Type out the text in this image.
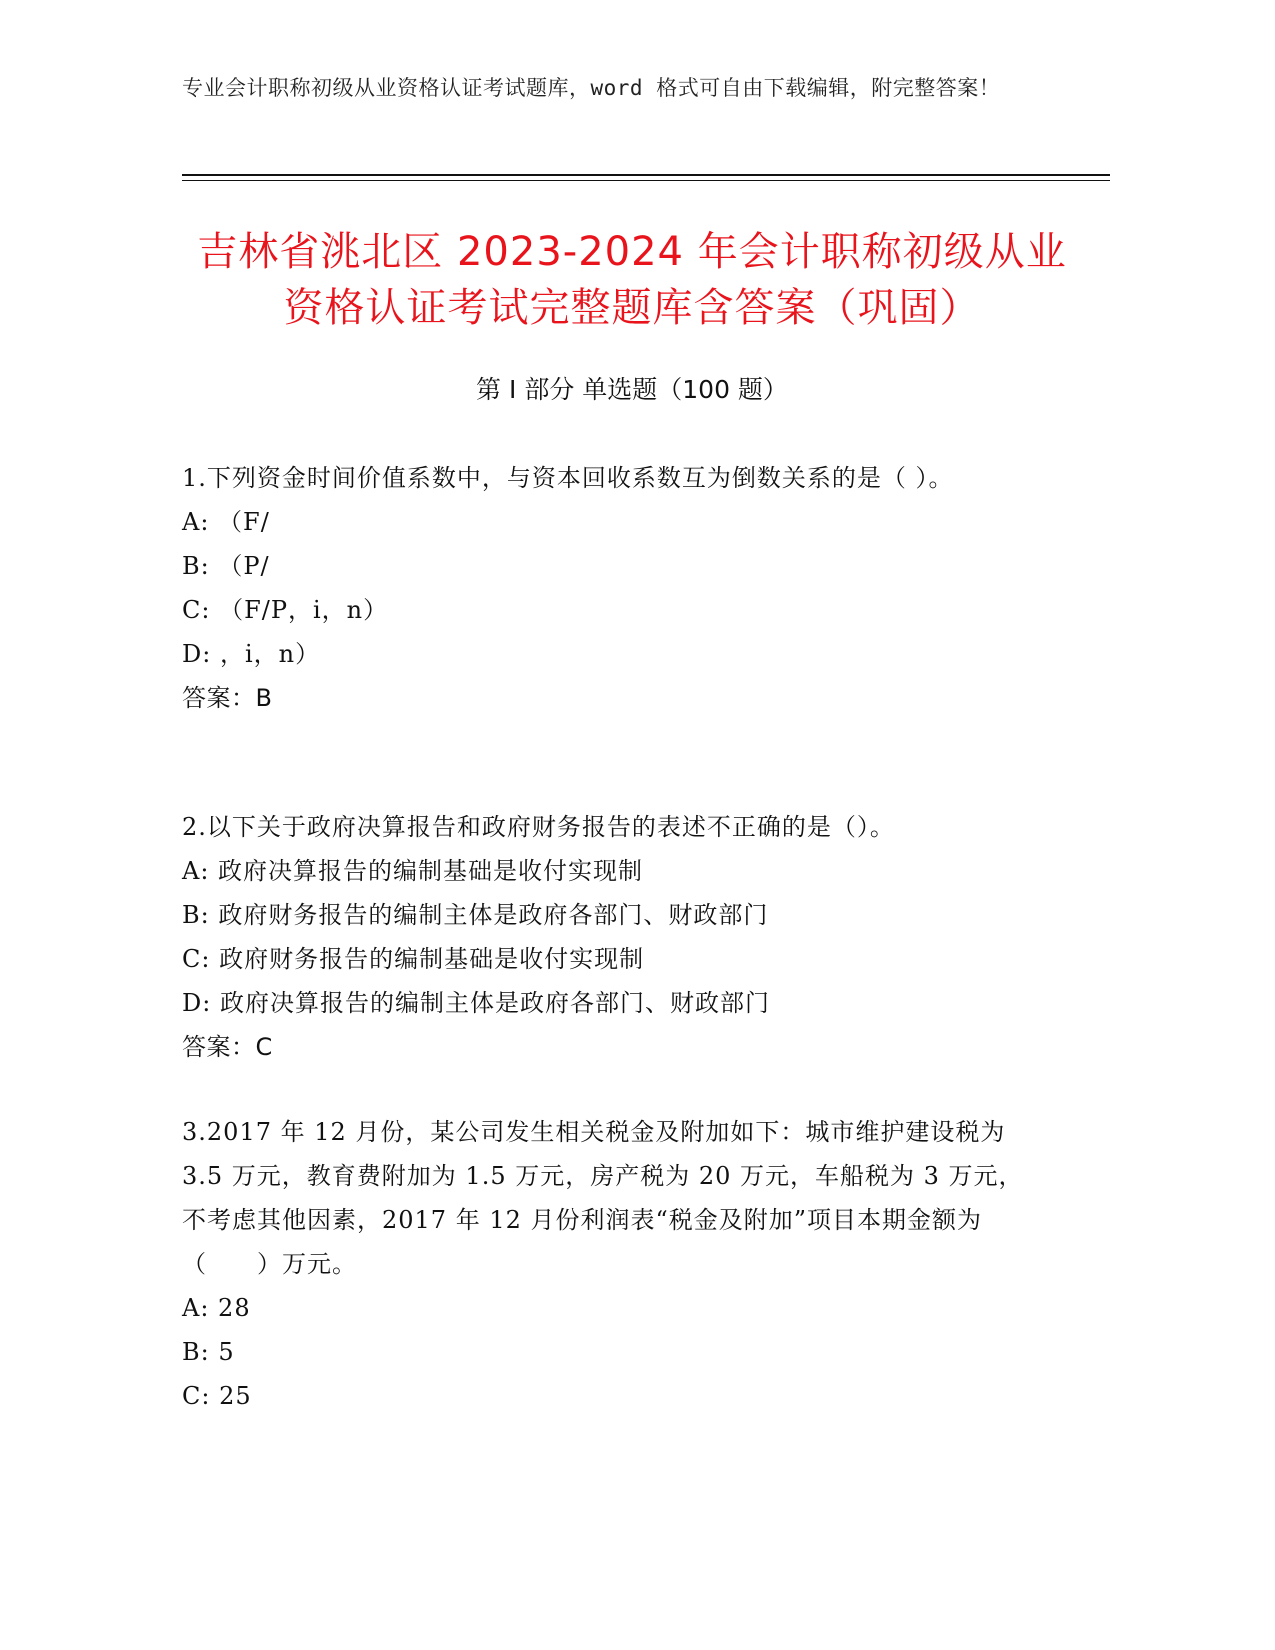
专业会计职称初级从业资格认证考试题库，word 格式可自由下载编辑，附完整答案！
吉林省洮北区 2023-2024 年会计职称初级从业资格认证考试完整题库含答案（巩固）
第 I 部分 单选题（100 题）
1.下列资金时间价值系数中，与资本回收系数互为倒数关系的是（ ）。
A: （F/
B: （P/
C: （F/P，i，n）
D: ，i，n）
答案：B
2.以下关于政府决算报告和政府财务报告的表述不正确的是（）。
A: 政府决算报告的编制基础是收付实现制
B: 政府财务报告的编制主体是政府各部门、财政部门
C: 政府财务报告的编制基础是收付实现制
D: 政府决算报告的编制主体是政府各部门、财政部门
答案：C
3.2017 年 12 月份，某公司发生相关税金及附加如下：城市维护建设税为 3.5 万元，教育费附加为 1.5 万元，房产税为 20 万元，车船税为 3 万元，不考虑其他因素，2017 年 12 月份利润表“税金及附加”项目本期金额为（　　）万元。
A: 28
B: 5
C: 25
